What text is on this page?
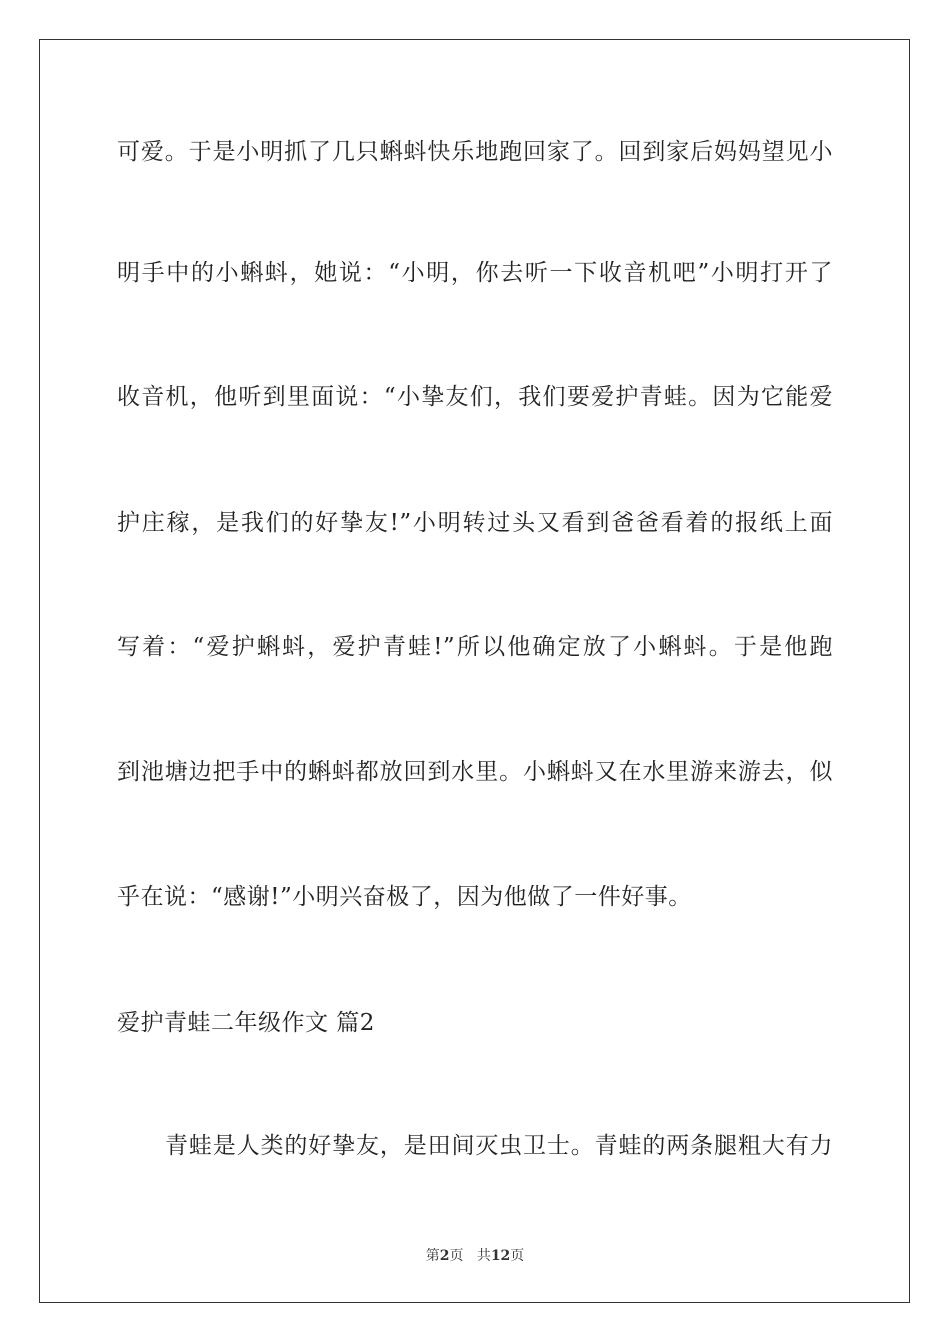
可爱。于是小明抓了几只蝌蚪快乐地跑回家了。回到家后妈妈望见小
明手中的小蝌蚪，她说：“小明，你去听一下收音机吧”小明打开了
收音机，他听到里面说：“小挚友们，我们要爱护青蛙。因为它能爱
护庄稼，是我们的好挚友!”小明转过头又看到爸爸看着的报纸上面
写着：“爱护蝌蚪，爱护青蛙!”所以他确定放了小蝌蚪。于是他跑
到池塘边把手中的蝌蚪都放回到水里。小蝌蚪又在水里游来游去，似
乎在说：“感谢!”小明兴奋极了，因为他做了一件好事。
爱护青蛙二年级作文 篇2
青蛙是人类的好挚友，是田间灭虫卫士。青蛙的两条腿粗大有力
第2页 共12页
